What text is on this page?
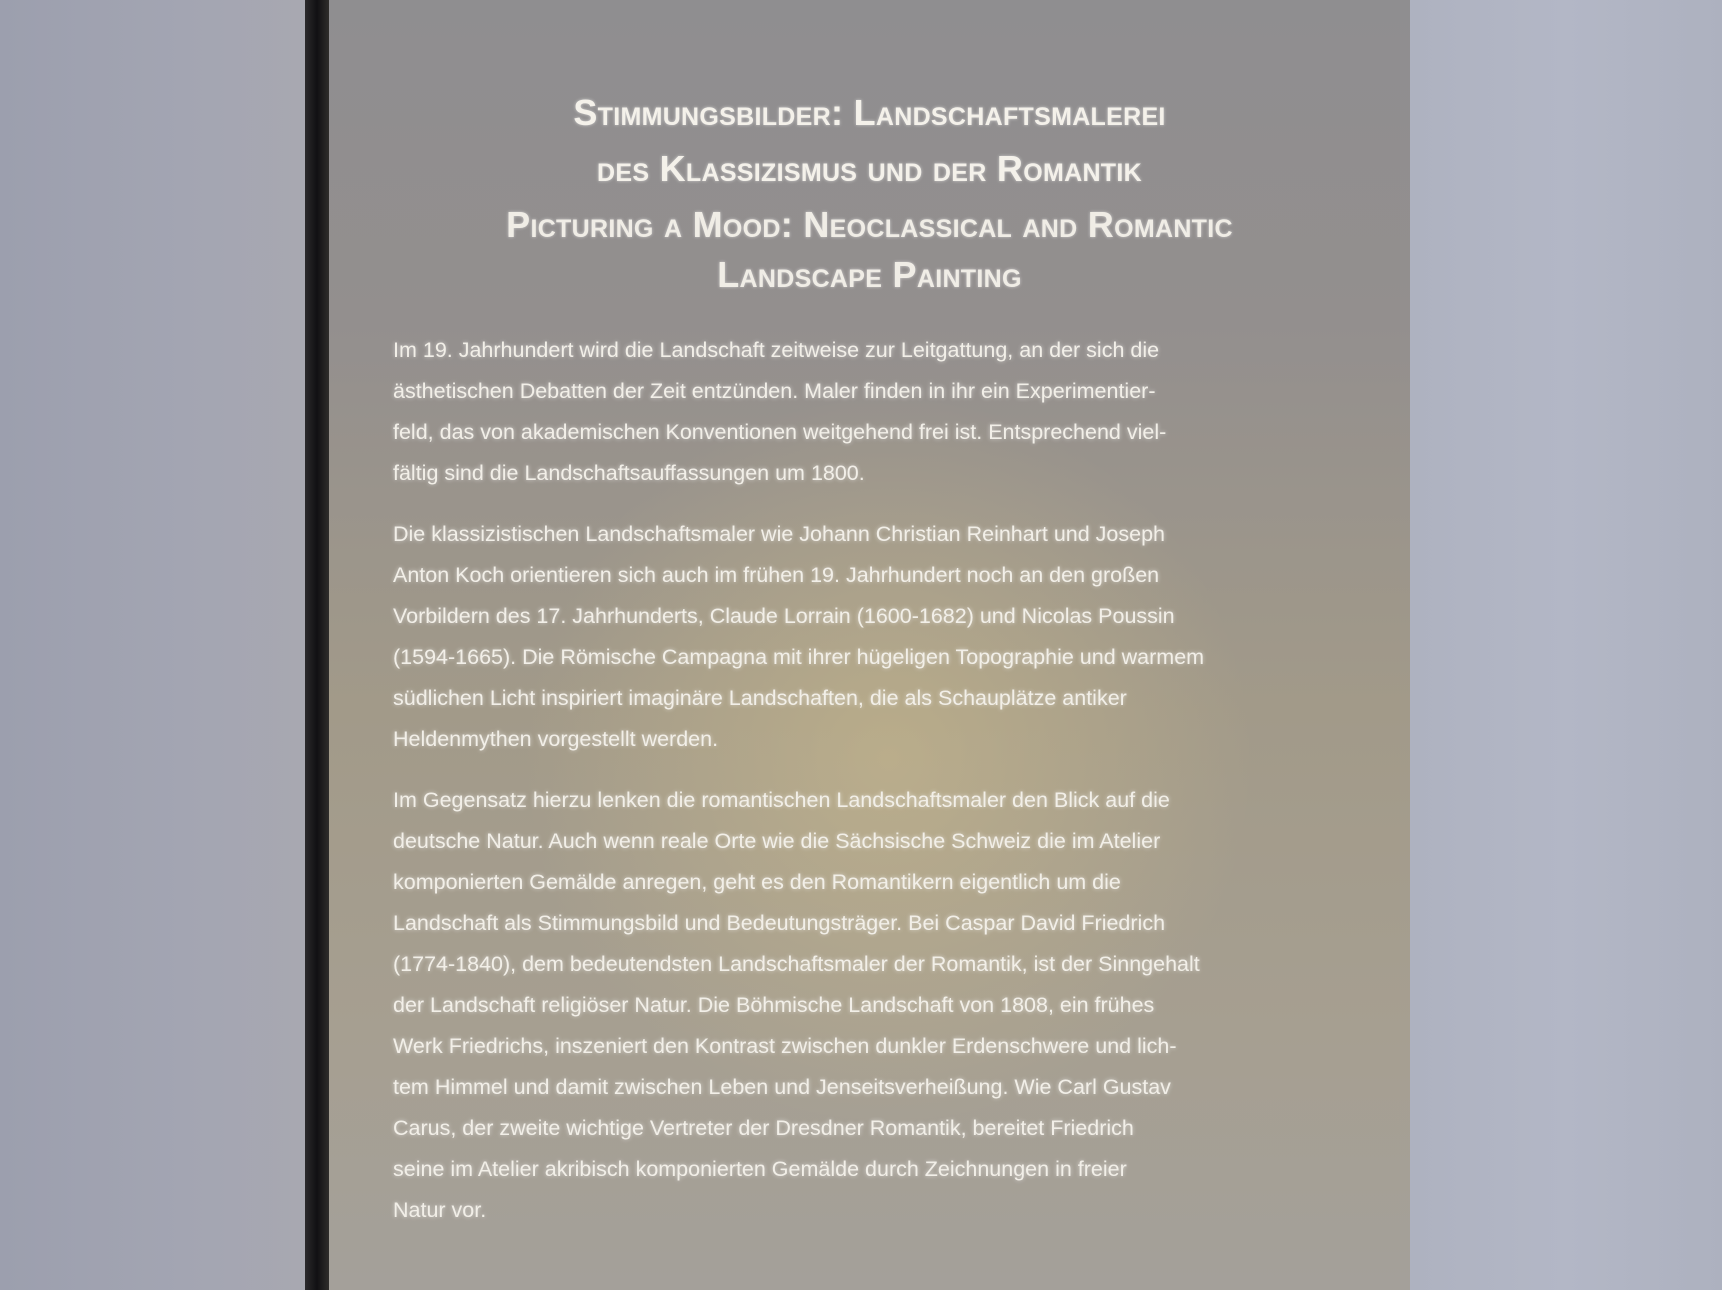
Stimmungsbilder: Landschaftsmalerei
des Klassizismus und der Romantik
Picturing a Mood: Neoclassical and Romantic
Landscape Painting

Im 19. Jahrhundert wird die Landschaft zeitweise zur Leitgattung, an der sich die
ästhetischen Debatten der Zeit entzünden. Maler finden in ihr ein Experimentier-
feld, das von akademischen Konventionen weitgehend frei ist. Entsprechend viel-
fältig sind die Landschaftsauffassungen um 1800.

Die klassizistischen Landschaftsmaler wie Johann Christian Reinhart und Joseph
Anton Koch orientieren sich auch im frühen 19. Jahrhundert noch an den großen
Vorbildern des 17. Jahrhunderts, Claude Lorrain (1600-1682) und Nicolas Poussin
(1594-1665). Die Römische Campagna mit ihrer hügeligen Topographie und warmem
südlichen Licht inspiriert imaginäre Landschaften, die als Schauplätze antiker
Heldenmythen vorgestellt werden.

Im Gegensatz hierzu lenken die romantischen Landschaftsmaler den Blick auf die
deutsche Natur. Auch wenn reale Orte wie die Sächsische Schweiz die im Atelier
komponierten Gemälde anregen, geht es den Romantikern eigentlich um die
Landschaft als Stimmungsbild und Bedeutungsträger. Bei Caspar David Friedrich
(1774-1840), dem bedeutendsten Landschaftsmaler der Romantik, ist der Sinngehalt
der Landschaft religiöser Natur. Die Böhmische Landschaft von 1808, ein frühes
Werk Friedrichs, inszeniert den Kontrast zwischen dunkler Erdenschwere und lich-
tem Himmel und damit zwischen Leben und Jenseitsverheißung. Wie Carl Gustav
Carus, der zweite wichtige Vertreter der Dresdner Romantik, bereitet Friedrich
seine im Atelier akribisch komponierten Gemälde durch Zeichnungen in freier
Natur vor.
